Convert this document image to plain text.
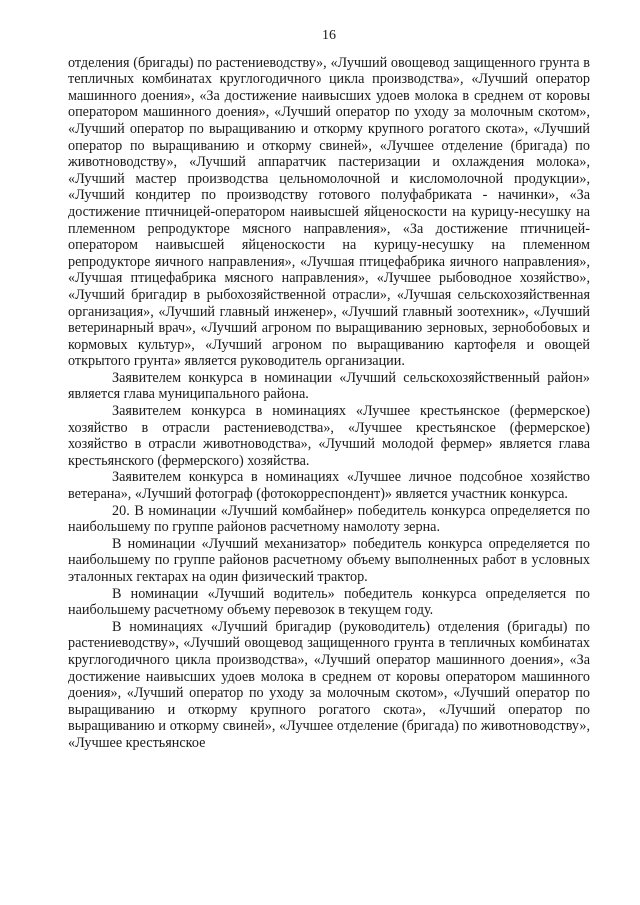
16

отделения (бригады) по растениеводству», «Лучший овощевод защищенного грунта в тепличных комбинатах круглогодичного цикла производства», «Лучший оператор машинного доения», «За достижение наивысших удоев молока в среднем от коровы оператором машинного доения», «Лучший оператор по уходу за молочным скотом», «Лучший оператор по выращиванию и откорму крупного рогатого скота», «Лучший оператор по выращиванию и откорму свиней», «Лучшее отделение (бригада) по животноводству», «Лучший аппаратчик пастеризации и охлаждения молока», «Лучший мастер производства цельномолочной и кисломолочной продукции», «Лучший кондитер по производству готового полуфабриката - начинки», «За достижение птичницей-оператором наивысшей яйценоскости на курицу-несушку на племенном репродукторе мясного направления», «За достижение птичницей-оператором наивысшей яйценоскости на курицу-несушку на племенном репродукторе яичного направления», «Лучшая птицефабрика яичного направления», «Лучшая птицефабрика мясного направления», «Лучшее рыбоводное хозяйство», «Лучший бригадир в рыбохозяйственной отрасли», «Лучшая сельскохозяйственная организация», «Лучший главный инженер», «Лучший главный зоотехник», «Лучший ветеринарный врач», «Лучший агроном по выращиванию зерновых, зернобобовых и кормовых культур», «Лучший агроном по выращиванию картофеля и овощей открытого грунта» является руководитель организации.

Заявителем конкурса в номинации «Лучший сельскохозяйственный район» является глава муниципального района.

Заявителем конкурса в номинациях «Лучшее крестьянское (фермерское) хозяйство в отрасли растениеводства», «Лучшее крестьянское (фермерское) хозяйство в отрасли животноводства», «Лучший молодой фермер» является глава крестьянского (фермерского) хозяйства.

Заявителем конкурса в номинациях «Лучшее личное подсобное хозяйство ветерана», «Лучший фотограф (фотокорреспондент)» является участник конкурса.

20. В номинации «Лучший комбайнер» победитель конкурса определяется по наибольшему по группе районов расчетному намолоту зерна.

В номинации «Лучший механизатор» победитель конкурса определяется по наибольшему по группе районов расчетному объему выполненных работ в условных эталонных гектарах на один физический трактор.

В номинации «Лучший водитель» победитель конкурса определяется по наибольшему расчетному объему перевозок в текущем году.

В номинациях «Лучший бригадир (руководитель) отделения (бригады) по растениеводству», «Лучший овощевод защищенного грунта в тепличных комбинатах круглогодичного цикла производства», «Лучший оператор машинного доения», «За достижение наивысших удоев молока в среднем от коровы оператором машинного доения», «Лучший оператор по уходу за молочным скотом», «Лучший оператор по выращиванию и откорму крупного рогатого скота», «Лучший оператор по выращиванию и откорму свиней», «Лучшее отделение (бригада) по животноводству», «Лучшее крестьянское
